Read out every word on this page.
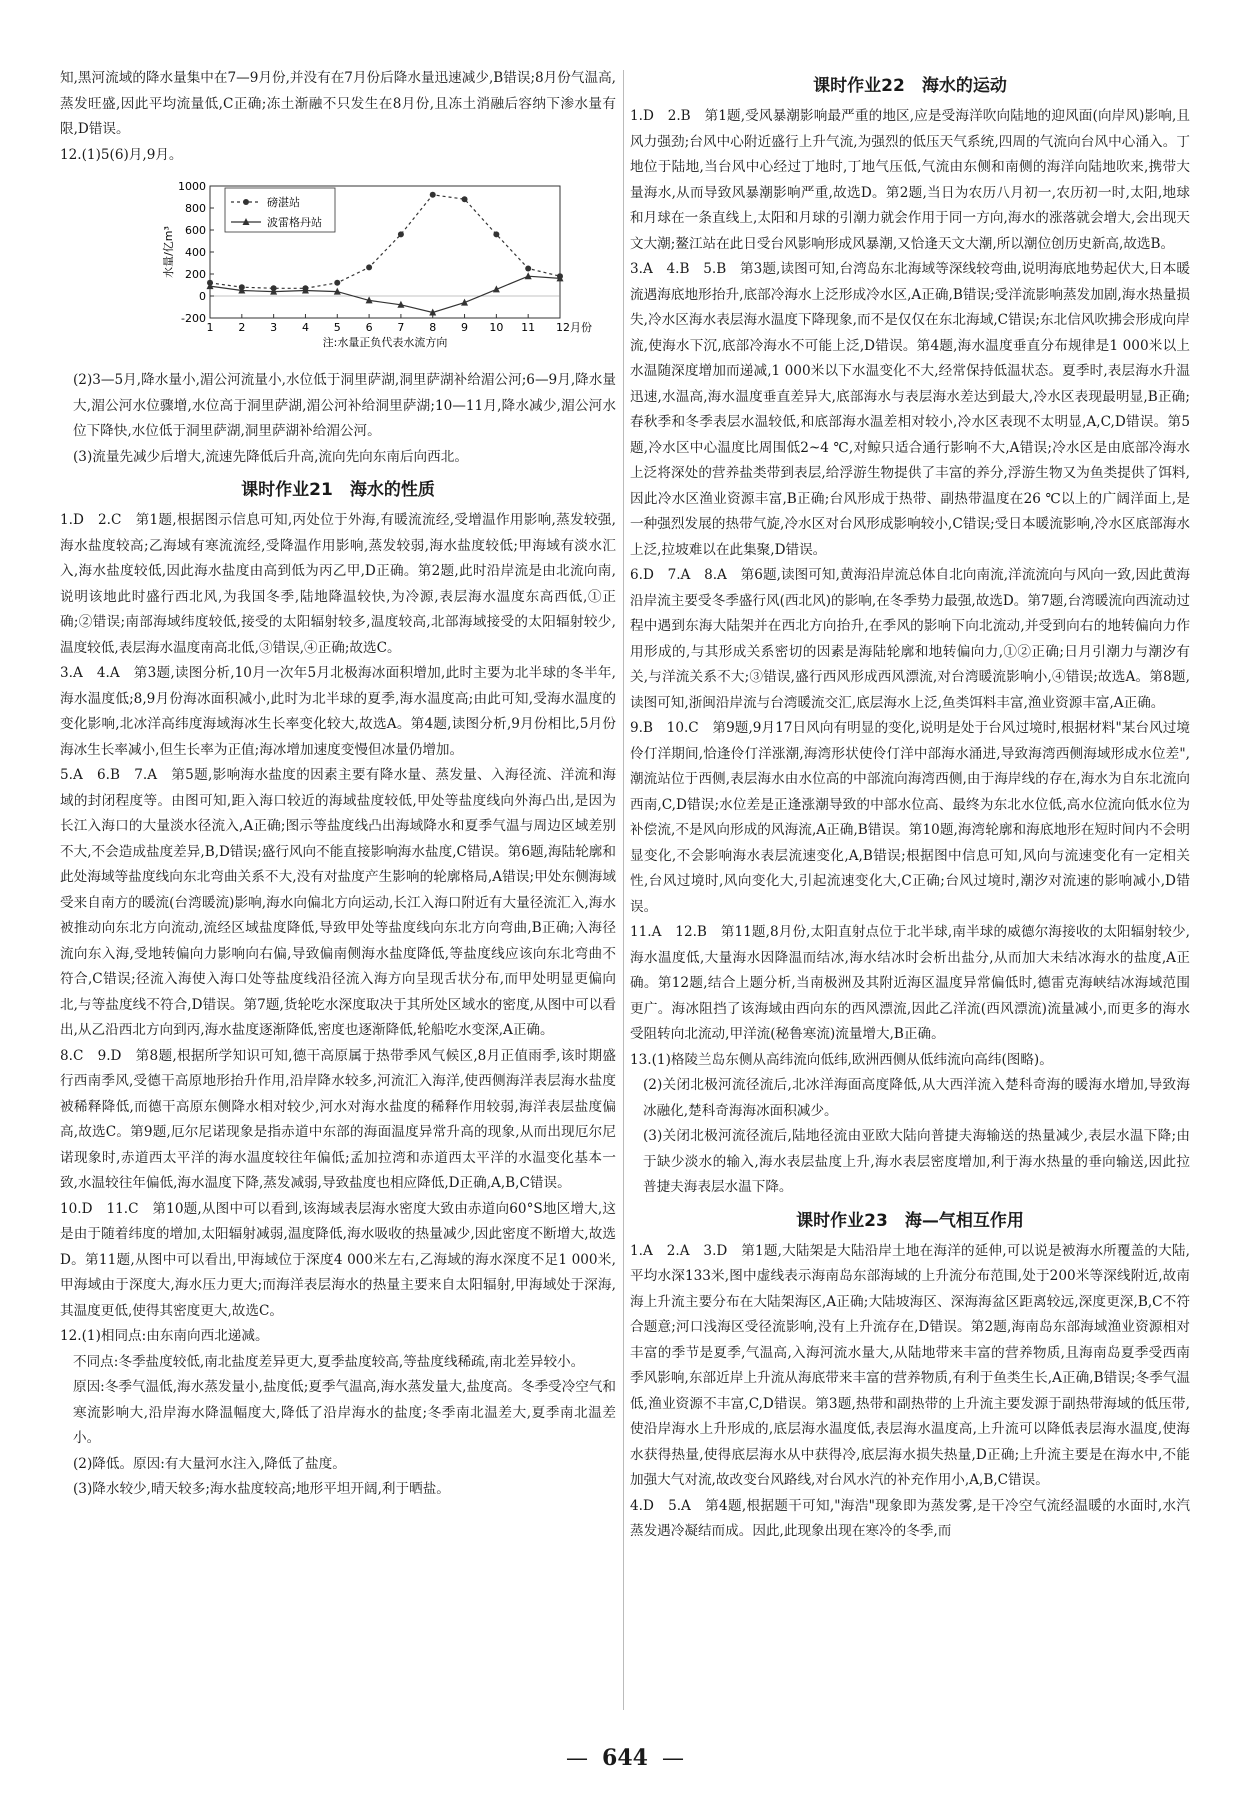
知,黑河流域的降水量集中在7—9月份,并没有在7月份后降水量迅速减少,B错误;8月份气温高,蒸发旺盛,因此平均流量低,C正确;冻土渐融不只发生在8月份,且冻土消融后容纳下渗水量有限,D错误。

12.(1)5(6)月,9月。

-200
0
200
400
600
800
1000
1 2 3 4 5 6 7 8 9 10 11 12月份
水量/亿m³
注:水量正负代表水流方向
磅湛站
波雷格丹站

(2)3—5月,降水量小,湄公河流量小,水位低于洞里萨湖,洞里萨湖补给湄公河;6—9月,降水量大,湄公河水位骤增,水位高于洞里萨湖,湄公河补给洞里萨湖;10—11月,降水减少,湄公河水位下降快,水位低于洞里萨湖,洞里萨湖补给湄公河。

(3)流量先减少后增大,流速先降低后升高,流向先向东南后向西北。

课时作业21　海水的性质

1.D　2.C　第1题,根据图示信息可知,丙处位于外海,有暖流流经,受增温作用影响,蒸发较强,海水盐度较高;乙海域有寒流流经,受降温作用影响,蒸发较弱,海水盐度较低;甲海域有淡水汇入,海水盐度较低,因此海水盐度由高到低为丙乙甲,D正确。第2题,此时沿岸流是由北流向南,说明该地此时盛行西北风,为我国冬季,陆地降温较快,为冷源,表层海水温度东高西低,①正确;②错误;南部海域纬度较低,接受的太阳辐射较多,温度较高,北部海域接受的太阳辐射较少,温度较低,表层海水温度南高北低,③错误,④正确;故选C。

3.A　4.A　第3题,读图分析,10月一次年5月北极海冰面积增加,此时主要为北半球的冬半年,海水温度低;8,9月份海冰面积减小,此时为北半球的夏季,海水温度高;由此可知,受海水温度的变化影响,北冰洋高纬度海域海冰生长率变化较大,故选A。第4题,读图分析,9月份相比,5月份海冰生长率减小,但生长率为正值;海冰增加速度变慢但冰量仍增加。

5.A　6.B　7.A　第5题,影响海水盐度的因素主要有降水量、蒸发量、入海径流、洋流和海域的封闭程度等。由图可知,距入海口较近的海域盐度较低,甲处等盐度线向外海凸出,是因为长江入海口的大量淡水径流入,A正确;图示等盐度线凸出海域降水和夏季气温与周边区域差别不大,不会造成盐度差异,B,D错误;盛行风向不能直接影响海水盐度,C错误。第6题,海陆轮廓和此处海域等盐度线向东北弯曲关系不大,没有对盐度产生影响的轮廓格局,A错误;甲处东侧海域受来自南方的暖流(台湾暖流)影响,海水向偏北方向运动,长江入海口附近有大量径流汇入,海水被推动向东北方向流动,流经区域盐度降低,导致甲处等盐度线向东北方向弯曲,B正确;入海径流向东入海,受地转偏向力影响向右偏,导致偏南侧海水盐度降低,等盐度线应该向东北弯曲不符合,C错误;径流入海使入海口处等盐度线沿径流入海方向呈现舌状分布,而甲处明显更偏向北,与等盐度线不符合,D错误。第7题,货轮吃水深度取决于其所处区域水的密度,从图中可以看出,从乙沿西北方向到丙,海水盐度逐渐降低,密度也逐渐降低,轮船吃水变深,A正确。

8.C　9.D　第8题,根据所学知识可知,德干高原属于热带季风气候区,8月正值雨季,该时期盛行西南季风,受德干高原地形抬升作用,沿岸降水较多,河流汇入海洋,使西侧海洋表层海水盐度被稀释降低,而德干高原东侧降水相对较少,河水对海水盐度的稀释作用较弱,海洋表层盐度偏高,故选C。第9题,厄尔尼诺现象是指赤道中东部的海面温度异常升高的现象,从而出现厄尔尼诺现象时,赤道西太平洋的海水温度较往年偏低;孟加拉湾和赤道西太平洋的水温变化基本一致,水温较往年偏低,海水温度下降,蒸发减弱,导致盐度也相应降低,D正确,A,B,C错误。

10.D　11.C　第10题,从图中可以看到,该海域表层海水密度大致由赤道向60°S地区增大,这是由于随着纬度的增加,太阳辐射减弱,温度降低,海水吸收的热量减少,因此密度不断增大,故选D。第11题,从图中可以看出,甲海域位于深度4 000米左右,乙海域的海水深度不足1 000米,甲海域由于深度大,海水压力更大;而海洋表层海水的热量主要来自太阳辐射,甲海域处于深海,其温度更低,使得其密度更大,故选C。

12.(1)相同点:由东南向西北递减。

不同点:冬季盐度较低,南北盐度差异更大,夏季盐度较高,等盐度线稀疏,南北差异较小。

原因:冬季气温低,海水蒸发量小,盐度低;夏季气温高,海水蒸发量大,盐度高。冬季受冷空气和寒流影响大,沿岸海水降温幅度大,降低了沿岸海水的盐度;冬季南北温差大,夏季南北温差小。

(2)降低。原因:有大量河水注入,降低了盐度。

(3)降水较少,晴天较多;海水盐度较高;地形平坦开阔,利于晒盐。

课时作业22　海水的运动

1.D　2.B　第1题,受风暴潮影响最严重的地区,应是受海洋吹向陆地的迎风面(向岸风)影响,且风力强劲;台风中心附近盛行上升气流,为强烈的低压天气系统,四周的气流向台风中心涌入。丁地位于陆地,当台风中心经过丁地时,丁地气压低,气流由东侧和南侧的海洋向陆地吹来,携带大量海水,从而导致风暴潮影响严重,故选D。第2题,当日为农历八月初一,农历初一时,太阳,地球和月球在一条直线上,太阳和月球的引潮力就会作用于同一方向,海水的涨落就会增大,会出现天文大潮;鳌江站在此日受台风影响形成风暴潮,又恰逢天文大潮,所以潮位创历史新高,故选B。

3.A　4.B　5.B　第3题,读图可知,台湾岛东北海域等深线较弯曲,说明海底地势起伏大,日本暖流遇海底地形抬升,底部冷海水上泛形成冷水区,A正确,B错误;受洋流影响蒸发加剧,海水热量损失,冷水区海水表层海水温度下降现象,而不是仅仅在东北海域,C错误;东北信风吹拂会形成向岸流,使海水下沉,底部冷海水不可能上泛,D错误。第4题,海水温度垂直分布规律是1 000米以上水温随深度增加而递减,1 000米以下水温变化不大,经常保持低温状态。夏季时,表层海水升温迅速,水温高,海水温度垂直差异大,底部海水与表层海水差达到最大,冷水区表现最明显,B正确;春秋季和冬季表层水温较低,和底部海水温差相对较小,冷水区表现不太明显,A,C,D错误。第5题,冷水区中心温度比周围低2~4 ℃,对鲸只适合通行影响不大,A错误;冷水区是由底部冷海水上泛将深处的营养盐类带到表层,给浮游生物提供了丰富的养分,浮游生物又为鱼类提供了饵料,因此冷水区渔业资源丰富,B正确;台风形成于热带、副热带温度在26 ℃以上的广阔洋面上,是一种强烈发展的热带气旋,冷水区对台风形成影响较小,C错误;受日本暖流影响,冷水区底部海水上泛,拉坡难以在此集聚,D错误。

6.D　7.A　8.A　第6题,读图可知,黄海沿岸流总体自北向南流,洋流流向与风向一致,因此黄海沿岸流主要受冬季盛行风(西北风)的影响,在冬季势力最强,故选D。第7题,台湾暖流向西流动过程中遇到东海大陆架并在西北方向抬升,在季风的影响下向北流动,并受到向右的地转偏向力作用形成的,与其形成关系密切的因素是海陆轮廓和地转偏向力,①②正确;日月引潮力与潮汐有关,与洋流关系不大;③错误,盛行西风形成西风漂流,对台湾暖流影响小,④错误;故选A。第8题,读图可知,浙闽沿岸流与台湾暖流交汇,底层海水上泛,鱼类饵料丰富,渔业资源丰富,A正确。

9.B　10.C　第9题,9月17日风向有明显的变化,说明是处于台风过境时,根据材料"某台风过境伶仃洋期间,恰逢伶仃洋涨潮,海湾形状使伶仃洋中部海水涌进,导致海湾西侧海域形成水位差",潮流站位于西侧,表层海水由水位高的中部流向海湾西侧,由于海岸线的存在,海水为自东北流向西南,C,D错误;水位差是正逢涨潮导致的中部水位高、最终为东北水位低,高水位流向低水位为补偿流,不是风向形成的风海流,A正确,B错误。第10题,海湾轮廓和海底地形在短时间内不会明显变化,不会影响海水表层流速变化,A,B错误;根据图中信息可知,风向与流速变化有一定相关性,台风过境时,风向变化大,引起流速变化大,C正确;台风过境时,潮汐对流速的影响减小,D错误。

11.A　12.B　第11题,8月份,太阳直射点位于北半球,南半球的威德尔海接收的太阳辐射较少,海水温度低,大量海水因降温而结冰,海水结冰时会析出盐分,从而加大未结冰海水的盐度,A正确。第12题,结合上题分析,当南极洲及其附近海区温度异常偏低时,德雷克海峡结冰海域范围更广。海冰阻挡了该海域由西向东的西风漂流,因此乙洋流(西风漂流)流量减小,而更多的海水受阻转向北流动,甲洋流(秘鲁寒流)流量增大,B正确。

13.(1)格陵兰岛东侧从高纬流向低纬,欧洲西侧从低纬流向高纬(图略)。

(2)关闭北极河流径流后,北冰洋海面高度降低,从大西洋流入楚科奇海的暖海水增加,导致海冰融化,楚科奇海海冰面积减少。

(3)关闭北极河流径流后,陆地径流由亚欧大陆向普捷夫海输送的热量减少,表层水温下降;由于缺少淡水的输入,海水表层盐度上升,海水表层密度增加,利于海水热量的垂向输送,因此拉普捷夫海表层水温下降。

课时作业23　海—气相互作用

1.A　2.A　3.D　第1题,大陆架是大陆沿岸土地在海洋的延伸,可以说是被海水所覆盖的大陆,平均水深133米,图中虚线表示海南岛东部海域的上升流分布范围,处于200米等深线附近,故南海上升流主要分布在大陆架海区,A正确;大陆坡海区、深海海盆区距离较远,深度更深,B,C不符合题意;河口浅海区受径流影响,没有上升流存在,D错误。第2题,海南岛东部海域渔业资源相对丰富的季节是夏季,气温高,入海河流水量大,从陆地带来丰富的营养物质,且海南岛夏季受西南季风影响,东部近岸上升流从海底带来丰富的营养物质,有利于鱼类生长,A正确,B错误;冬季气温低,渔业资源不丰富,C,D错误。第3题,热带和副热带的上升流主要发源于副热带海域的低压带,使沿岸海水上升形成的,底层海水温度低,表层海水温度高,上升流可以降低表层海水温度,使海水获得热量,使得底层海水从中获得冷,底层海水损失热量,D正确;上升流主要是在海水中,不能加强大气对流,故改变台风路线,对台风水汽的补充作用小,A,B,C错误。

4.D　5.A　第4题,根据题干可知,"海浩"现象即为蒸发雾,是干冷空气流经温暖的水面时,水汽蒸发遇冷凝结而成。因此,此现象出现在寒冷的冬季,而

— 644 —
